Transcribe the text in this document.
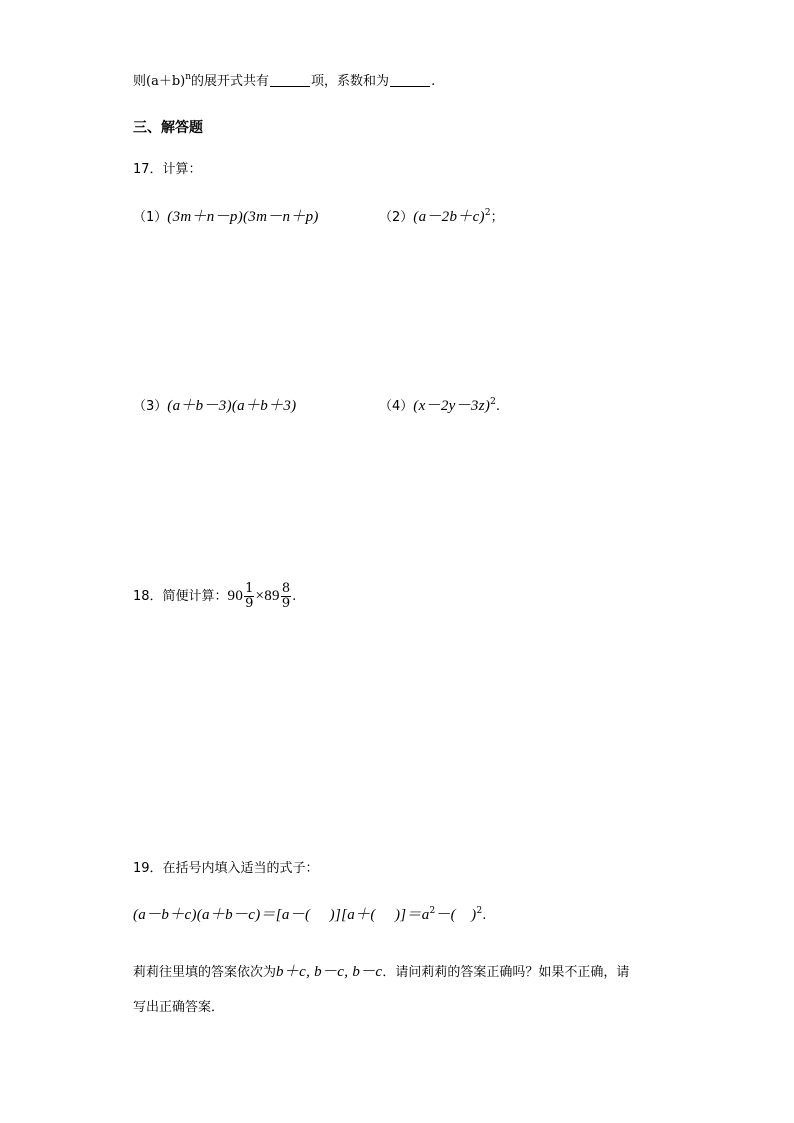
则$(a+b)^n$的展开式共有	项，系数和为	.
三、解答题
17．计算：
（1）(3m＋n－p)(3m－n＋p)	$(2)(a-2b+c)^2$；
（3）(a＋b－3)(a＋b＋3)	$(4)(x-2y-3z)^2$.
18．简便计算：$90 \frac{1}{9} \times 89 \frac{8}{9}$ .
19．在括号内填入适当的式子：
(a－b＋c)(a＋b－c)＝[a－(　 )][a＋(　 )]$=a^2-$(　)$^2$.
莉莉往里填的答案依次为b＋c, b－c, b－c．请问莉莉的答案正确吗？如果不正确，请
写出正确答案．
